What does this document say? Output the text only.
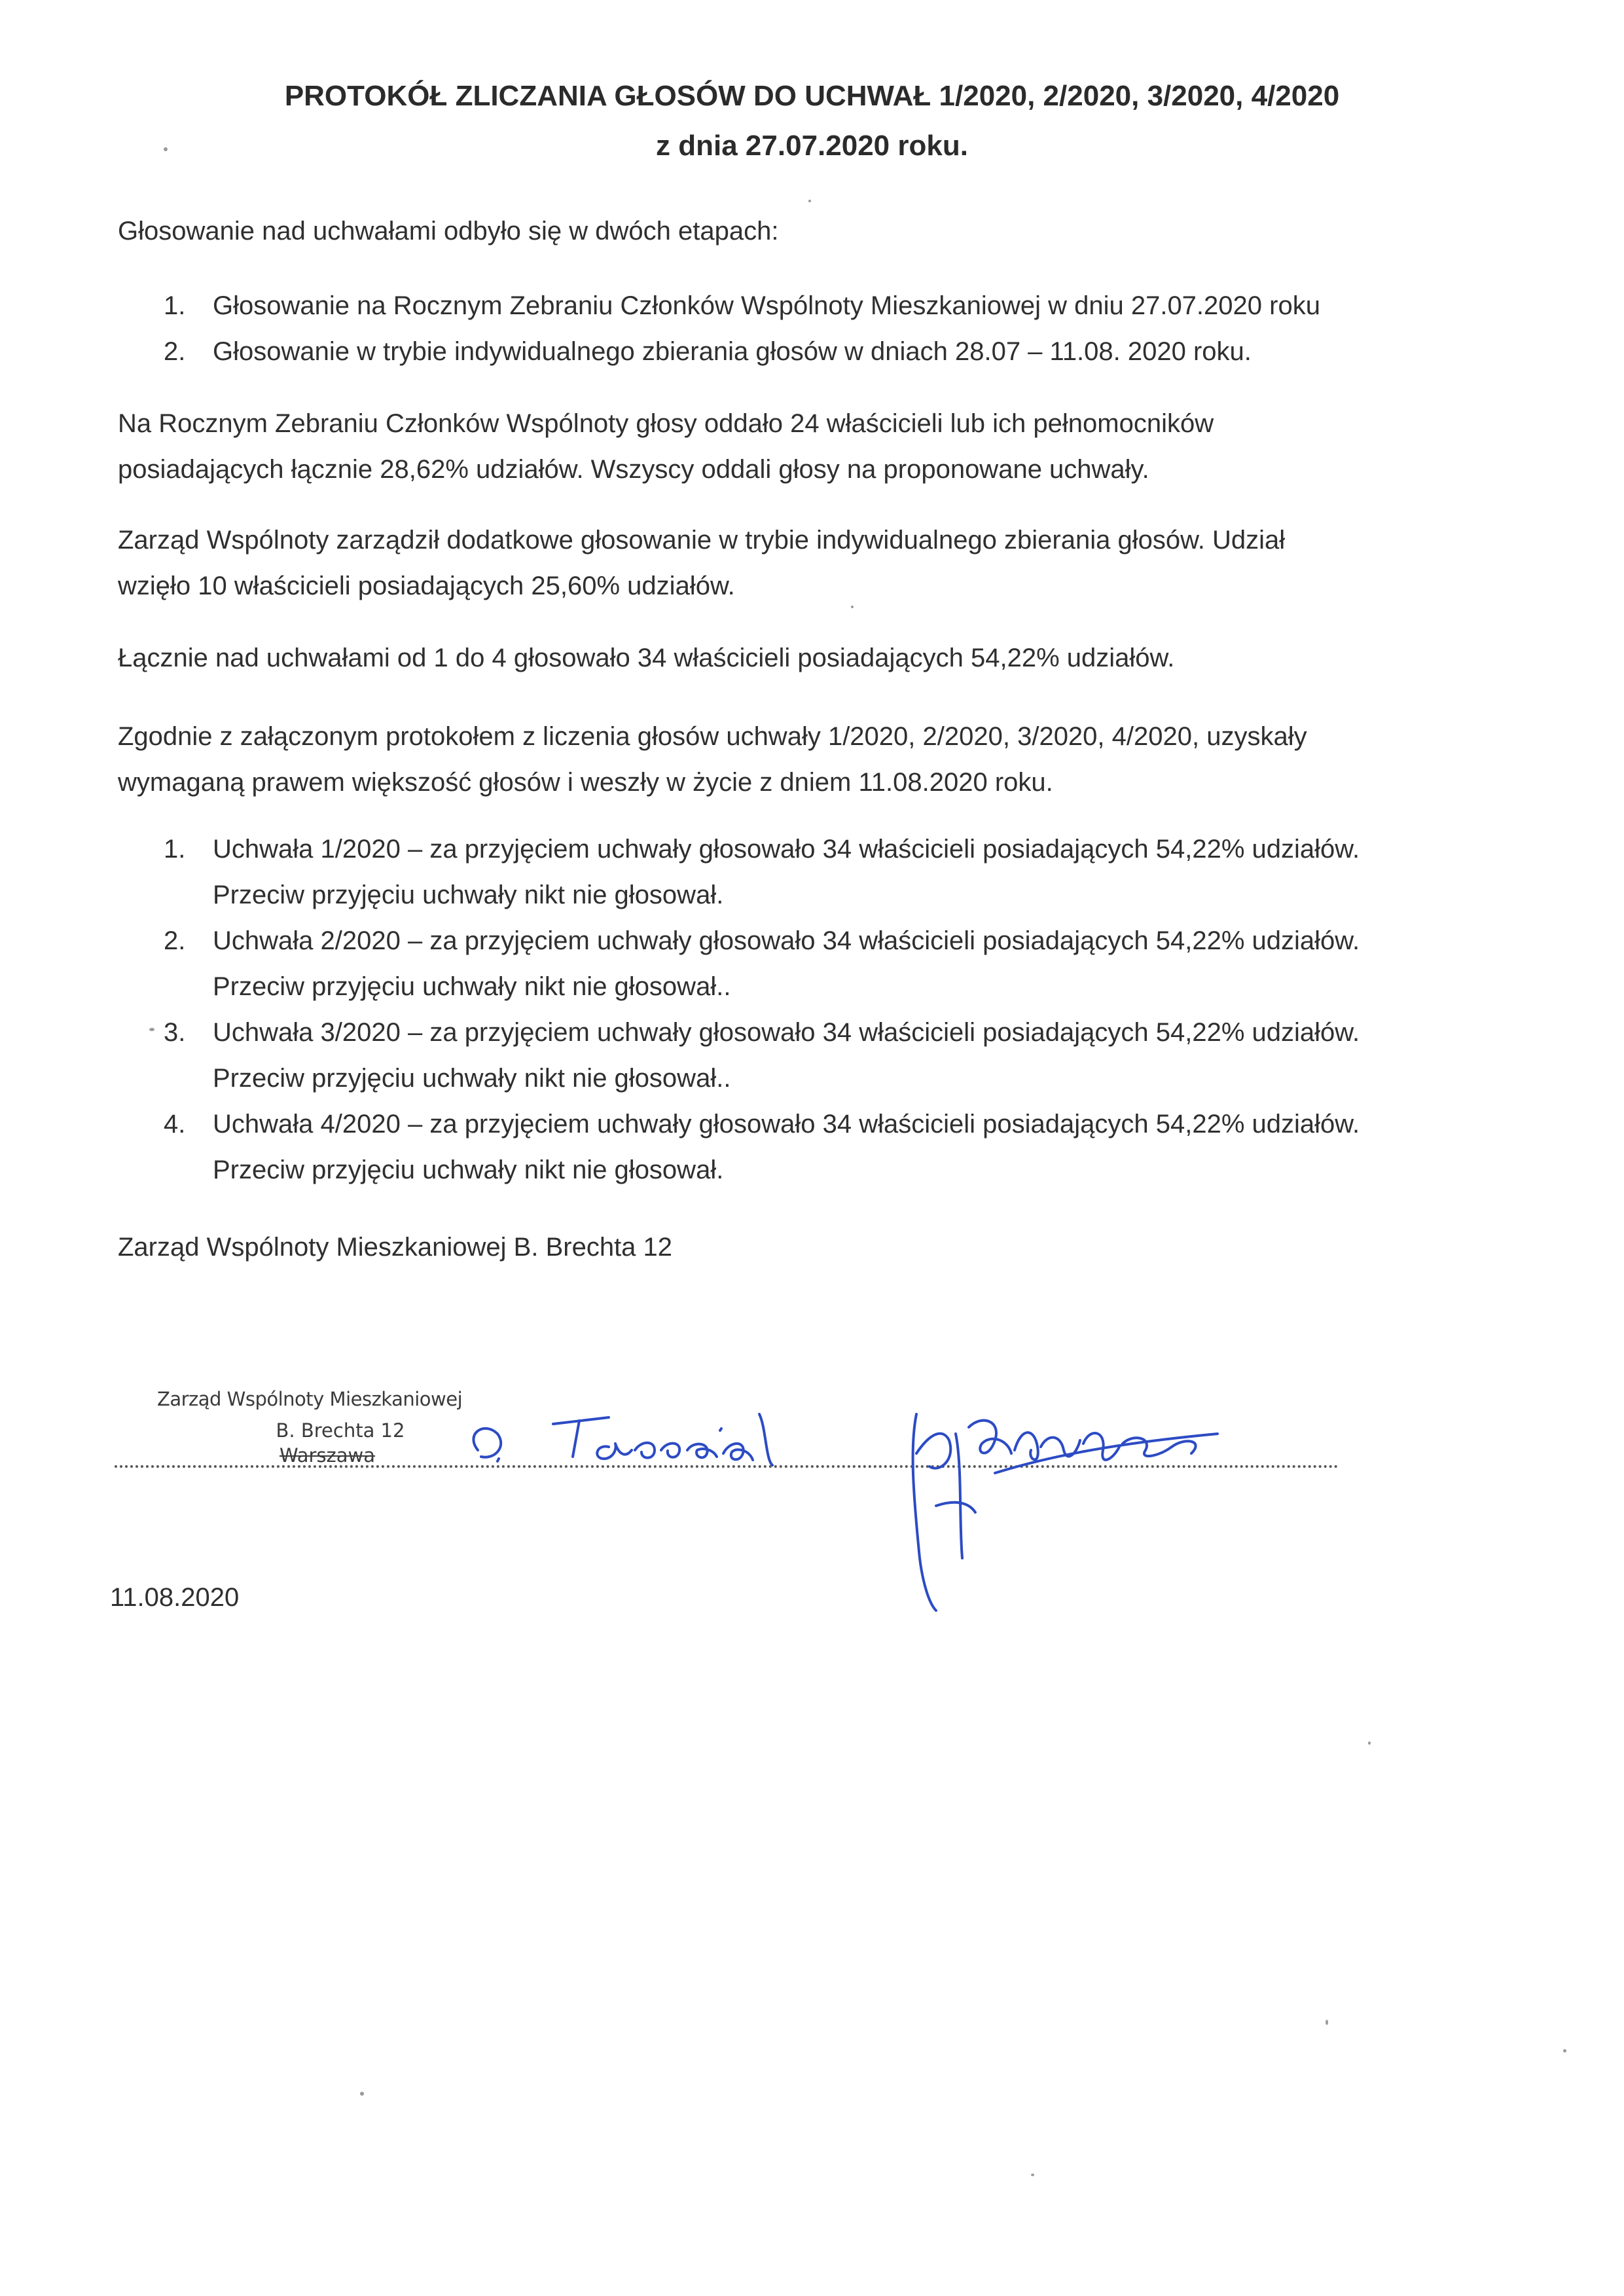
PROTOKÓŁ ZLICZANIA GŁOSÓW DO UCHWAŁ 1/2020, 2/2020, 3/2020, 4/2020
z dnia 27.07.2020 roku.
Głosowanie nad uchwałami odbyło się w dwóch etapach:
1. Głosowanie na Rocznym Zebraniu Członków Wspólnoty Mieszkaniowej w dniu 27.07.2020 roku
2. Głosowanie w trybie indywidualnego zbierania głosów w dniach 28.07 – 11.08. 2020 roku.
Na Rocznym Zebraniu Członków Wspólnoty głosy oddało 24 właścicieli lub ich pełnomocników
posiadających łącznie 28,62% udziałów. Wszyscy oddali głosy na proponowane uchwały.
Zarząd Wspólnoty zarządził dodatkowe głosowanie w trybie indywidualnego zbierania głosów. Udział
wzięło 10 właścicieli posiadających 25,60% udziałów.
Łącznie nad uchwałami od 1 do 4 głosowało 34 właścicieli posiadających 54,22% udziałów.
Zgodnie z załączonym protokołem z liczenia głosów uchwały 1/2020, 2/2020, 3/2020, 4/2020, uzyskały
wymaganą prawem większość głosów i weszły w życie z dniem 11.08.2020 roku.
1. Uchwała 1/2020 – za przyjęciem uchwały głosowało 34 właścicieli posiadających 54,22% udziałów.
Przeciw przyjęciu uchwały nikt nie głosował.
2. Uchwała 2/2020 – za przyjęciem uchwały głosowało 34 właścicieli posiadających 54,22% udziałów.
Przeciw przyjęciu uchwały nikt nie głosował..
3. Uchwała 3/2020 – za przyjęciem uchwały głosowało 34 właścicieli posiadających 54,22% udziałów.
Przeciw przyjęciu uchwały nikt nie głosował..
4. Uchwała 4/2020 – za przyjęciem uchwały głosowało 34 właścicieli posiadających 54,22% udziałów.
Przeciw przyjęciu uchwały nikt nie głosował.
Zarząd Wspólnoty Mieszkaniowej B. Brechta 12
Zarząd Wspólnoty Mieszkaniowej
B. Brechta 12
Warszawa
11.08.2020
